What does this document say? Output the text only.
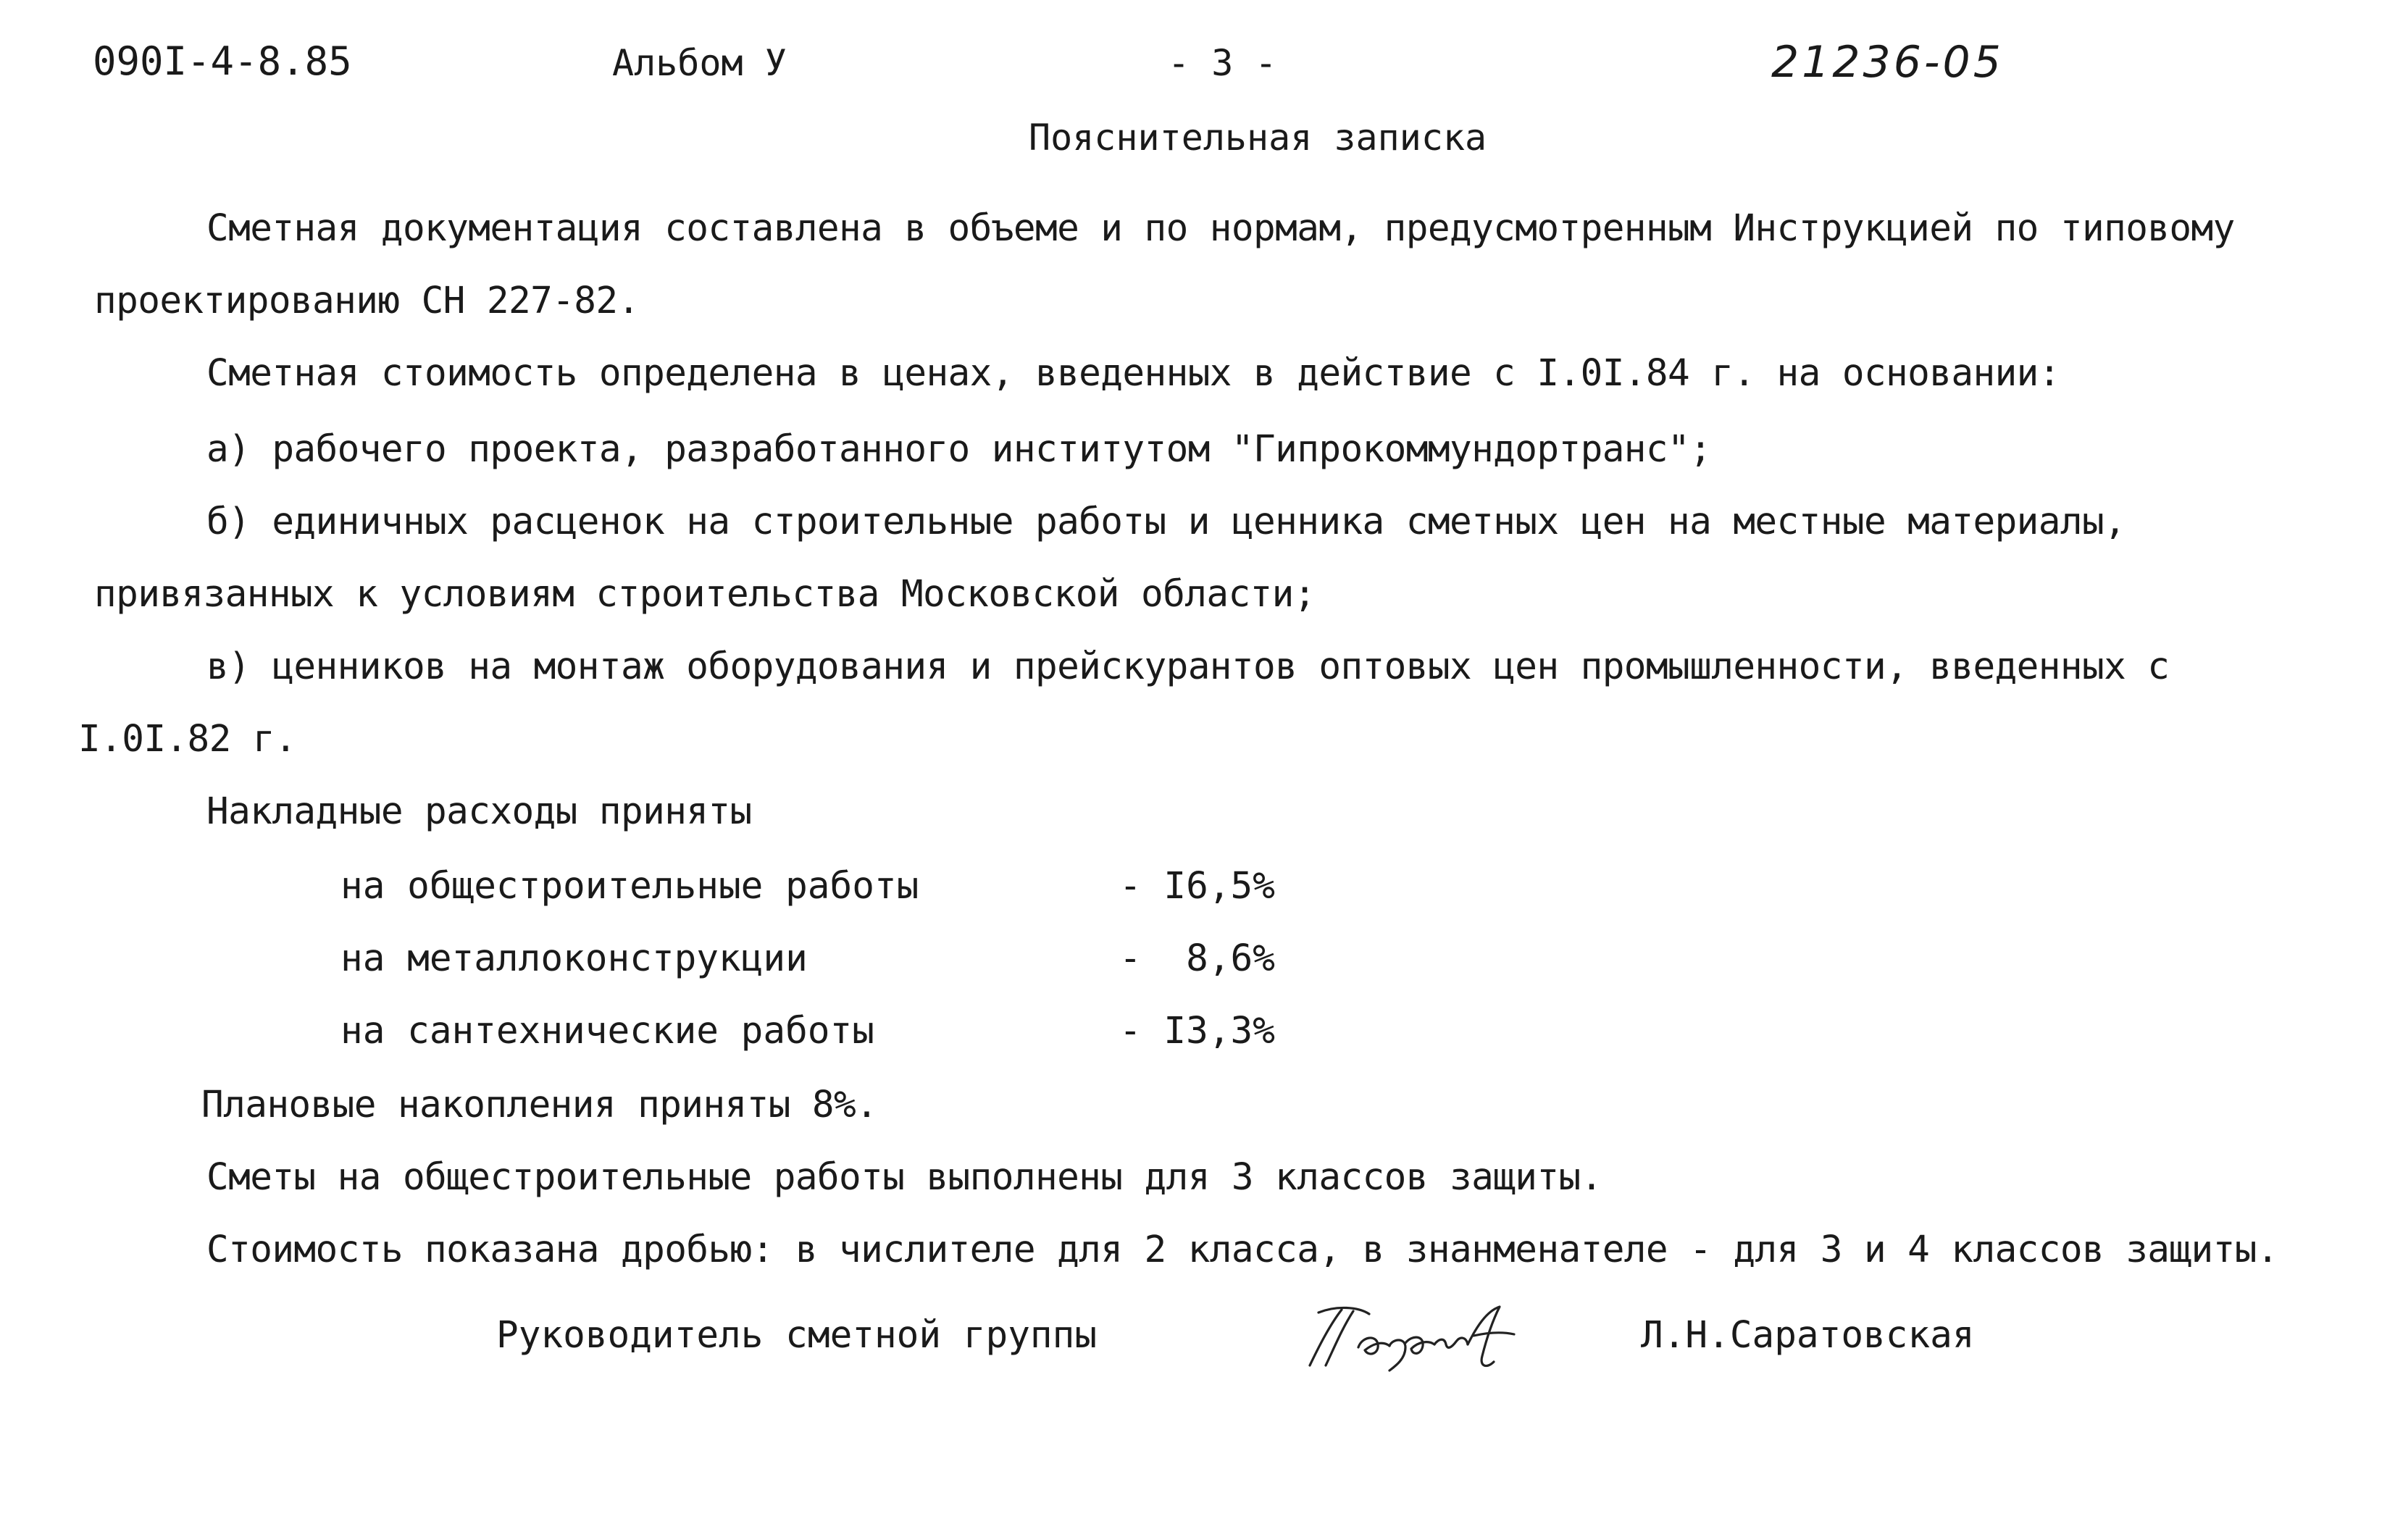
090I-4-8.85	Альбом У	- 3 -	21236-05
Пояснительная записка
Сметная документация составлена в объеме и по нормам, предусмотренным Инструкцией по типовому
проектированию СН 227-82.
Сметная стоимость определена в ценах, введенных в действие с I.0I.84 г. на основании:
а) рабочего проекта, разработанного институтом "Гипрокоммундортранс";
б) единичных расценок на строительные работы и ценника сметных цен на местные материалы,
привязанных к условиям строительства Московской области;
в) ценников на монтаж оборудования и прейскурантов оптовых цен промышленности, введенных с
I.0I.82 г.
Накладные расходы приняты
на общестроительные работы	- I6,5%
на металлоконструкции	-  8,6%
на сантехнические работы	- I3,3%
Плановые накопления приняты 8%.
Сметы на общестроительные работы выполнены для 3 классов защиты.
Стоимость показана дробью: в числителе для 2 класса, в знанменателе - для 3 и 4 классов защиты.
Руководитель сметной группы	Л.Н.Саратовская
